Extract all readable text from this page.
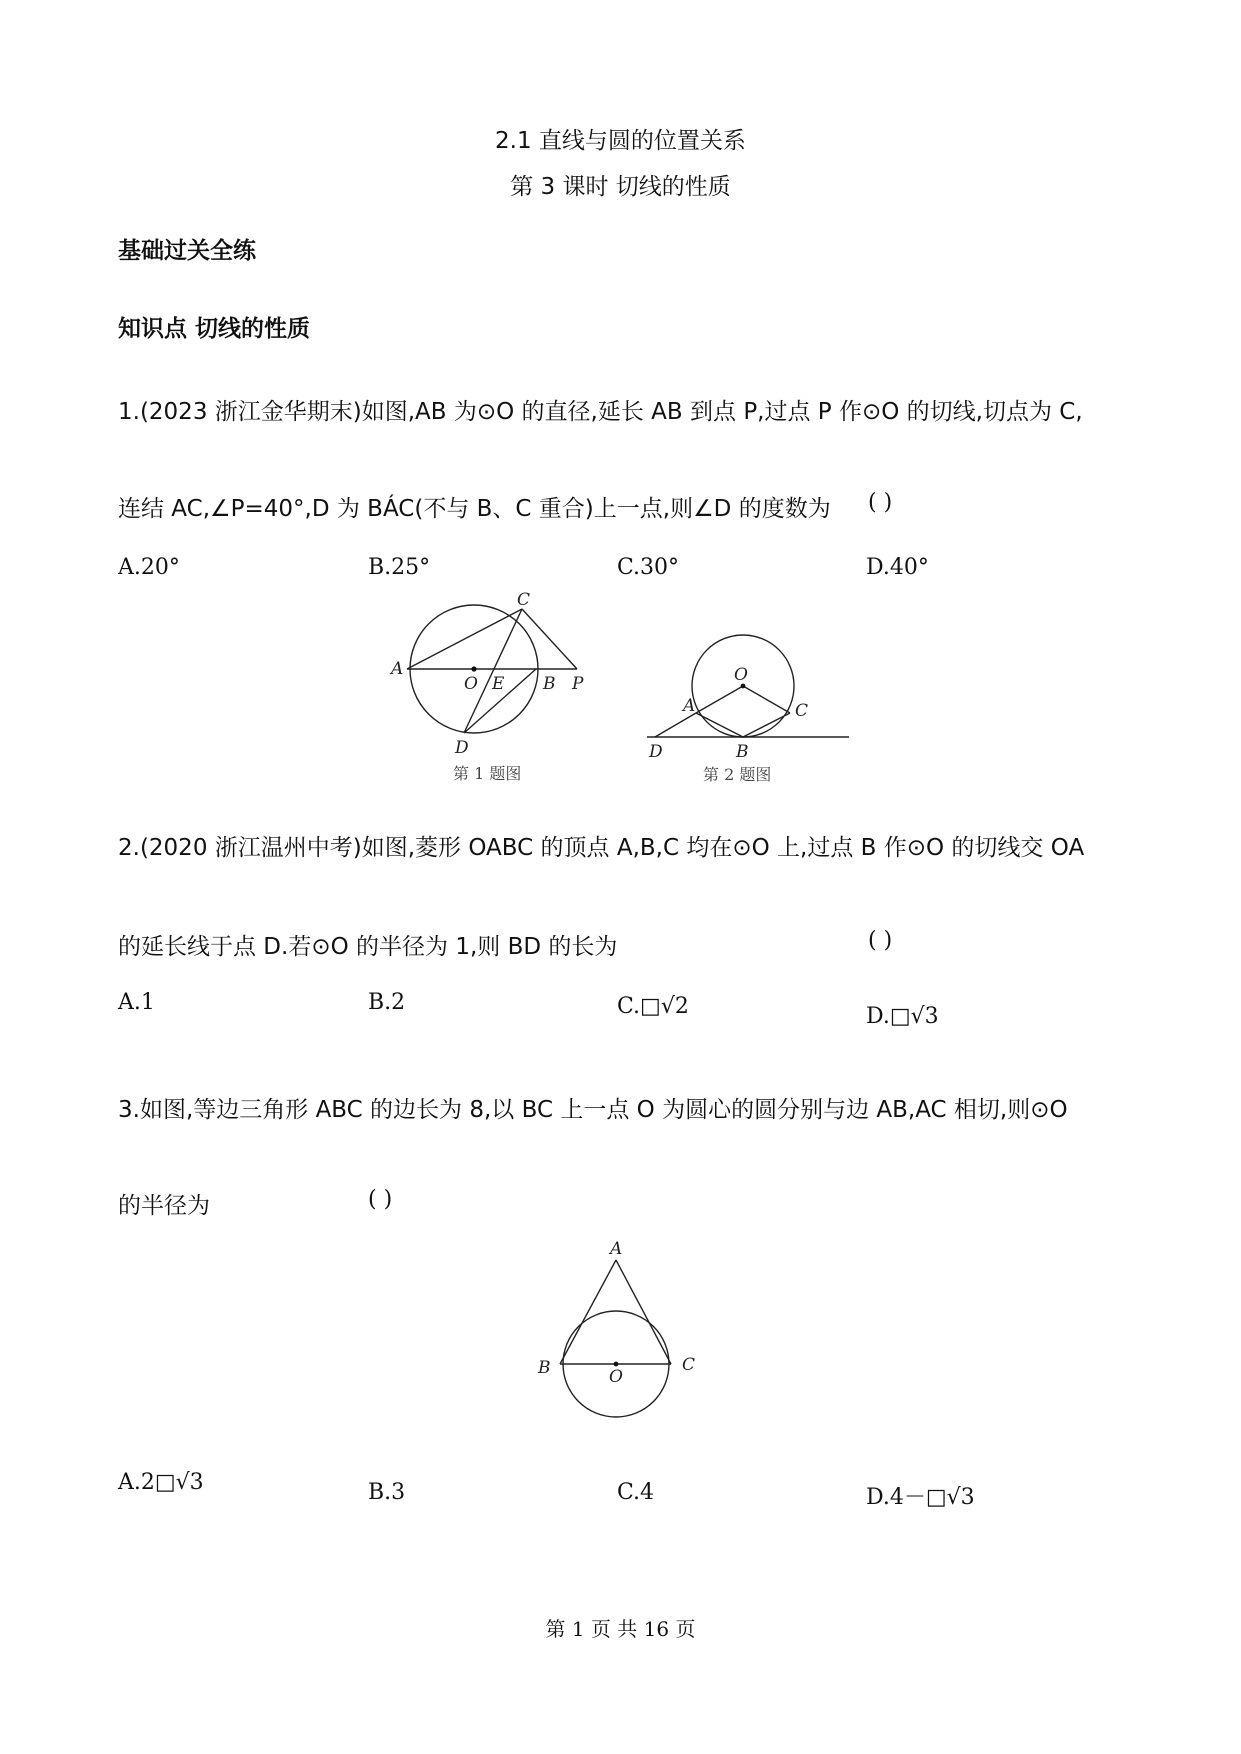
2.1 直线与圆的位置关系
第 3 课时 切线的性质
基础过关全练
知识点 切线的性质
1.(2023 浙江金华期末)如图,AB 为⊙O 的直径,延长 AB 到点 P,过点 P 作⊙O 的切线,切点为 C,
连结 AC,∠P=40°,D 为 BÁC(不与 B、C 重合)上一点,则∠D 的度数为 ( )
A.20°	B.25°	C.30°	D.40°
C
A
O E B P
D
第 1 题图
O
A	C
D	B
第 2 题图
2.(2020 浙江温州中考)如图,菱形 OABC 的顶点 A,B,C 均在⊙O 上,过点 B 作⊙O 的切线交 OA
的延长线于点 D.若⊙O 的半径为 1,则 BD 的长为	( )
A.1	B.2	C.□√2	D.□√3
3.如图,等边三角形 ABC 的边长为 8,以 BC 上一点 O 为圆心的圆分别与边 AB,AC 相切,则⊙O
的半径为	( )
A
B	O
C
A.2□√3	B.3	C.4	D.4－□√3
第 1 页 共 16 页
